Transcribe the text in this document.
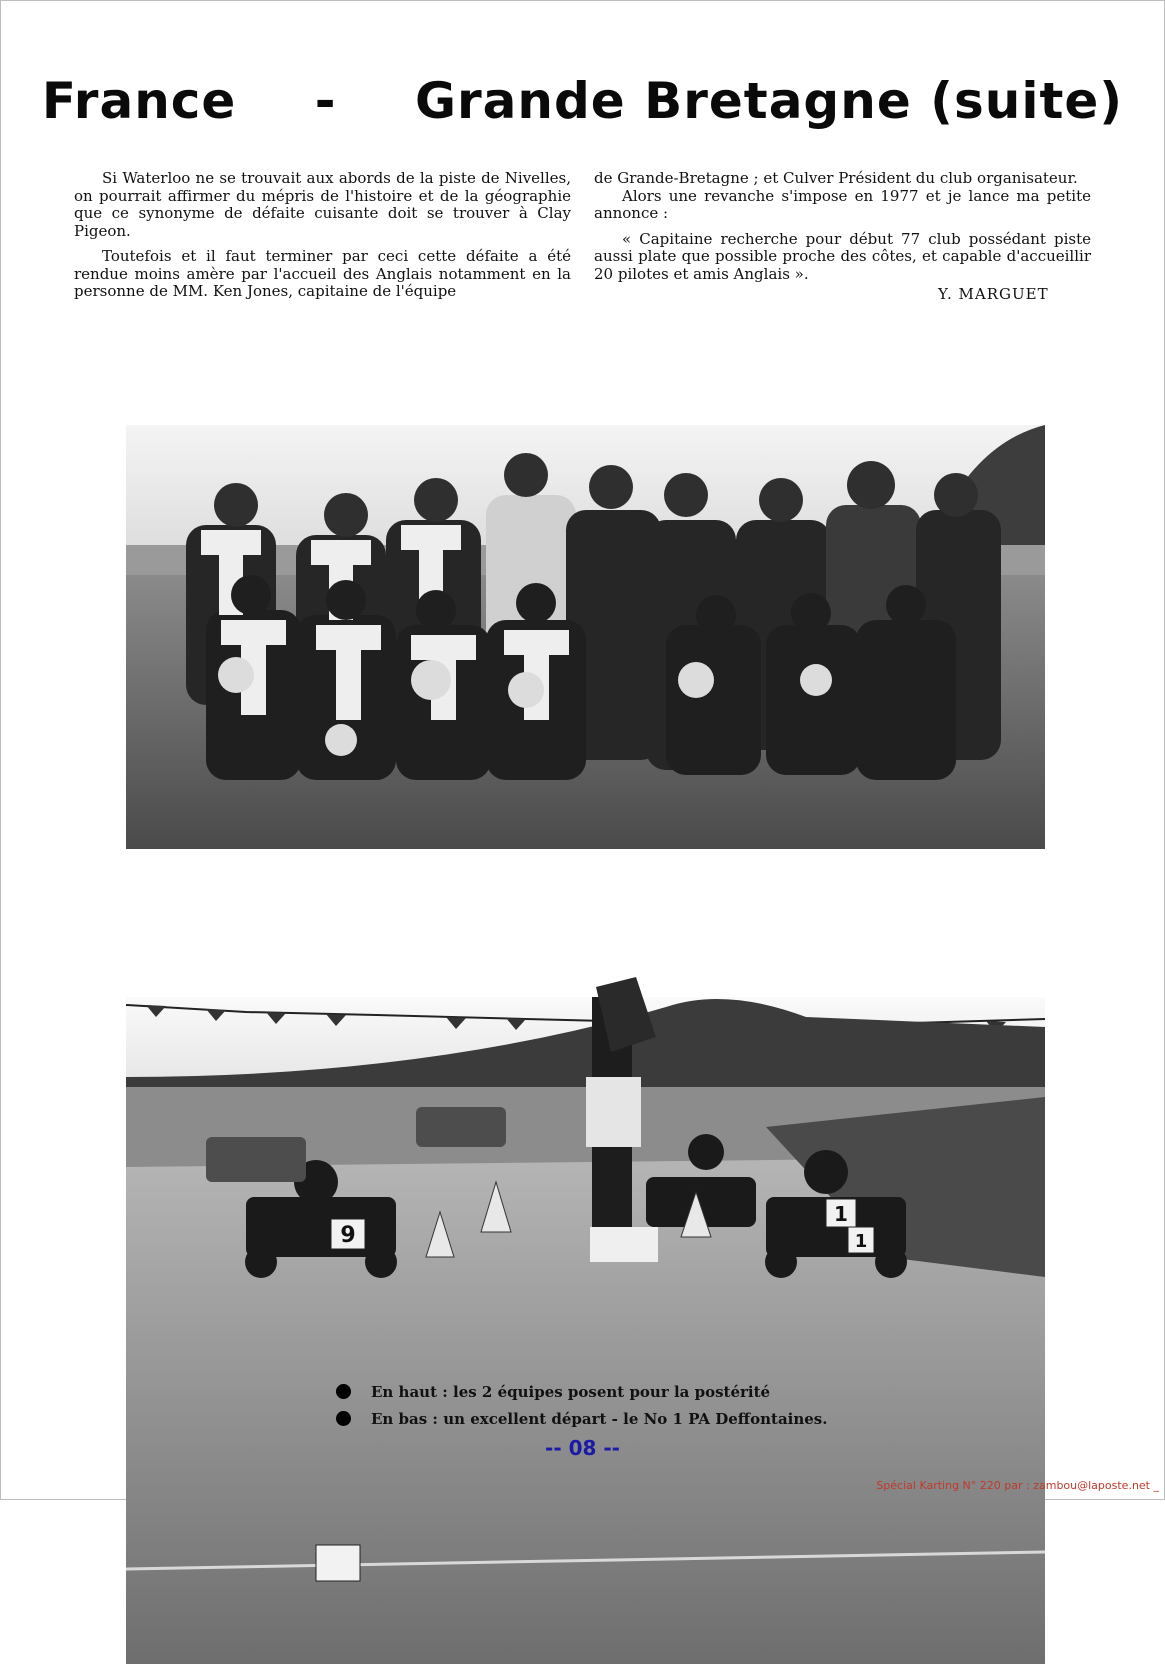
France - Grande Bretagne (suite)

Si Waterloo ne se trouvait aux abords de la piste de Nivelles, on pourrait affirmer du mépris de l'histoire et de la géographie que ce synonyme de défaite cuisante doit se trouver à Clay Pigeon.

Toutefois et il faut terminer par ceci cette défaite a été rendue moins amère par l'accueil des Anglais notamment en la personne de MM. Ken Jones, capitaine de l'équipe

de Grande-Bretagne ; et Culver Président du club organisateur.

Alors une revanche s'impose en 1977 et je lance ma petite annonce :

« Capitaine recherche pour début 77 club possédant piste aussi plate que possible proche des côtes, et capable d'accueillir 20 pilotes et amis Anglais ».

Y. MARGUET
9
1
1
En haut : les 2 équipes posent pour la postérité
En bas : un excellent départ - le No 1 PA Deffontaines.
-- 08 --
Spécial Karting N° 220 par : zambou@laposte.net _
